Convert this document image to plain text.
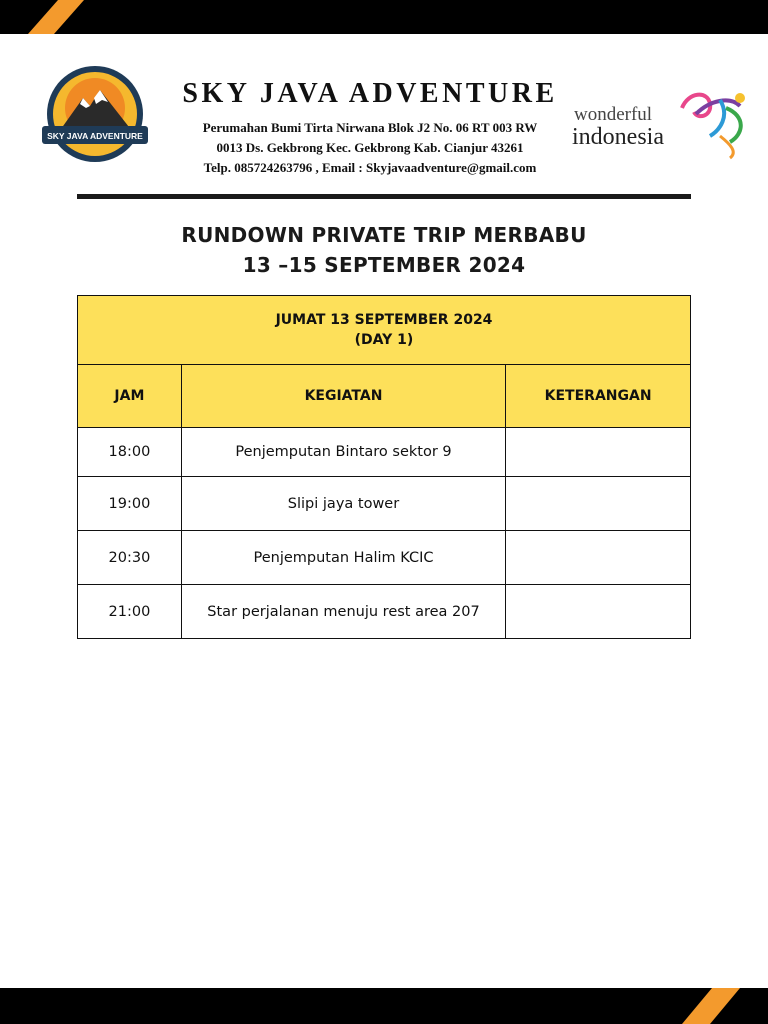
SKY JAVA ADVENTURE
SKY JAVA ADVENTURE
Perumahan Bumi Tirta Nirwana Blok J2 No. 06 RT 003 RW
0013 Ds. Gekbrong Kec. Gekbrong Kab. Cianjur 43261
Telp. 085724263796 , Email : Skyjavaadventure@gmail.com
wonderful
indonesia
RUNDOWN PRIVATE TRIP MERBABU
13 –15 SEPTEMBER 2024
JUMAT 13 SEPTEMBER 2024
(DAY 1)		

JAM	KEGIATAN	KETERANGAN
18:00	Penjemputan Bintaro sektor 9	
19:00	Slipi jaya tower	
20:30	Penjemputan Halim KCIC	
21:00	Star perjalanan menuju rest area 207	
